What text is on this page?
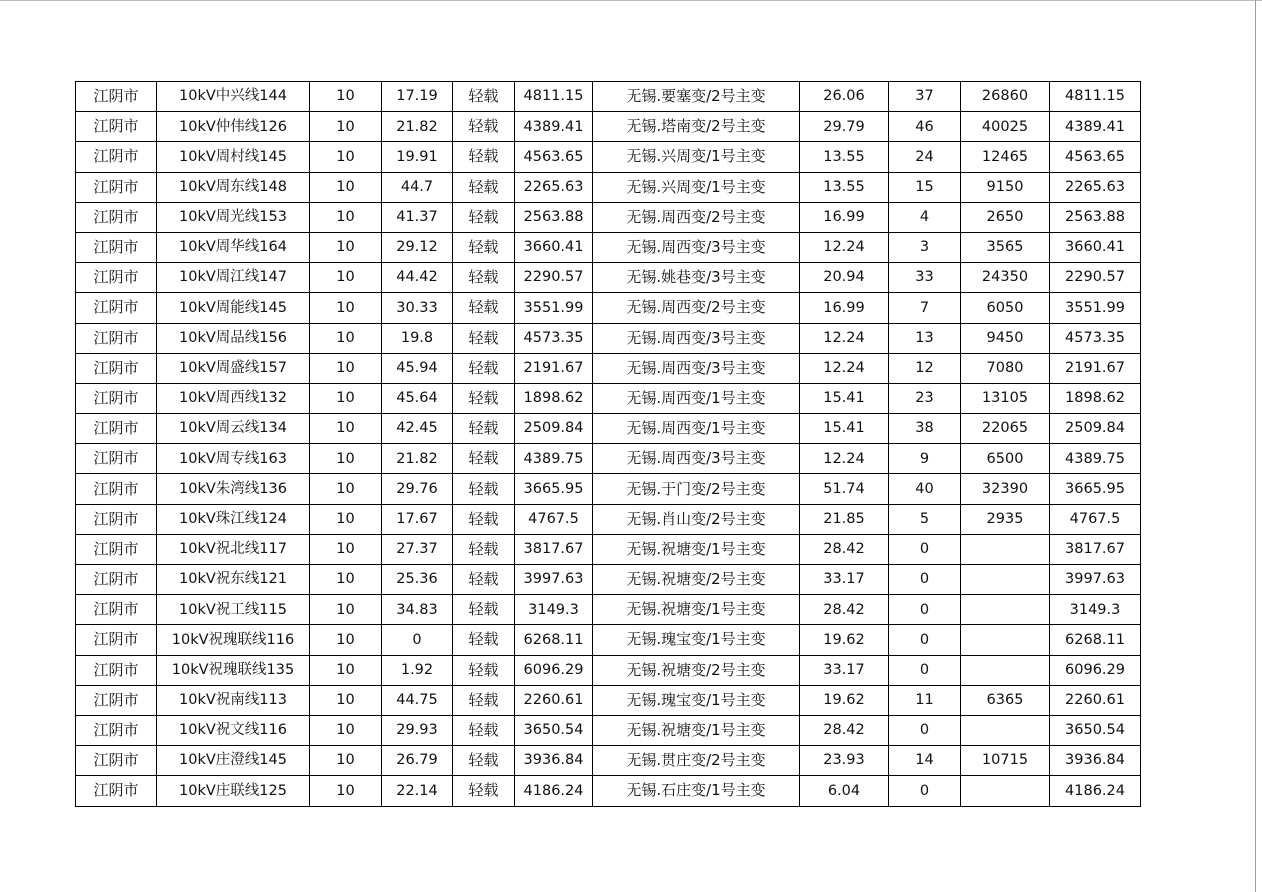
江阴市	10kV中兴线144	10	17.19	轻载	4811.15	无锡.要塞变/2号主变	26.06	37	26860	4811.15
江阴市	10kV仲伟线126	10	21.82	轻载	4389.41	无锡.塔南变/2号主变	29.79	46	40025	4389.41
江阴市	10kV周村线145	10	19.91	轻载	4563.65	无锡.兴周变/1号主变	13.55	24	12465	4563.65
江阴市	10kV周东线148	10	44.7	轻载	2265.63	无锡.兴周变/1号主变	13.55	15	9150	2265.63
江阴市	10kV周光线153	10	41.37	轻载	2563.88	无锡.周西变/2号主变	16.99	4	2650	2563.88
江阴市	10kV周华线164	10	29.12	轻载	3660.41	无锡.周西变/3号主变	12.24	3	3565	3660.41
江阴市	10kV周江线147	10	44.42	轻载	2290.57	无锡.姚巷变/3号主变	20.94	33	24350	2290.57
江阴市	10kV周能线145	10	30.33	轻载	3551.99	无锡.周西变/2号主变	16.99	7	6050	3551.99
江阴市	10kV周品线156	10	19.8	轻载	4573.35	无锡.周西变/3号主变	12.24	13	9450	4573.35
江阴市	10kV周盛线157	10	45.94	轻载	2191.67	无锡.周西变/3号主变	12.24	12	7080	2191.67
江阴市	10kV周西线132	10	45.64	轻载	1898.62	无锡.周西变/1号主变	15.41	23	13105	1898.62
江阴市	10kV周云线134	10	42.45	轻载	2509.84	无锡.周西变/1号主变	15.41	38	22065	2509.84
江阴市	10kV周专线163	10	21.82	轻载	4389.75	无锡.周西变/3号主变	12.24	9	6500	4389.75
江阴市	10kV朱湾线136	10	29.76	轻载	3665.95	无锡.于门变/2号主变	51.74	40	32390	3665.95
江阴市	10kV珠江线124	10	17.67	轻载	4767.5	无锡.肖山变/2号主变	21.85	5	2935	4767.5
江阴市	10kV祝北线117	10	27.37	轻载	3817.67	无锡.祝塘变/1号主变	28.42	0		3817.67
江阴市	10kV祝东线121	10	25.36	轻载	3997.63	无锡.祝塘变/2号主变	33.17	0		3997.63
江阴市	10kV祝工线115	10	34.83	轻载	3149.3	无锡.祝塘变/1号主变	28.42	0		3149.3
江阴市	10kV祝瑰联线116	10	0	轻载	6268.11	无锡.瑰宝变/1号主变	19.62	0		6268.11
江阴市	10kV祝瑰联线135	10	1.92	轻载	6096.29	无锡.祝塘变/2号主变	33.17	0		6096.29
江阴市	10kV祝南线113	10	44.75	轻载	2260.61	无锡.瑰宝变/1号主变	19.62	11	6365	2260.61
江阴市	10kV祝文线116	10	29.93	轻载	3650.54	无锡.祝塘变/1号主变	28.42	0		3650.54
江阴市	10kV庄澄线145	10	26.79	轻载	3936.84	无锡.贯庄变/2号主变	23.93	14	10715	3936.84
江阴市	10kV庄联线125	10	22.14	轻载	4186.24	无锡.石庄变/1号主变	6.04	0		4186.24
